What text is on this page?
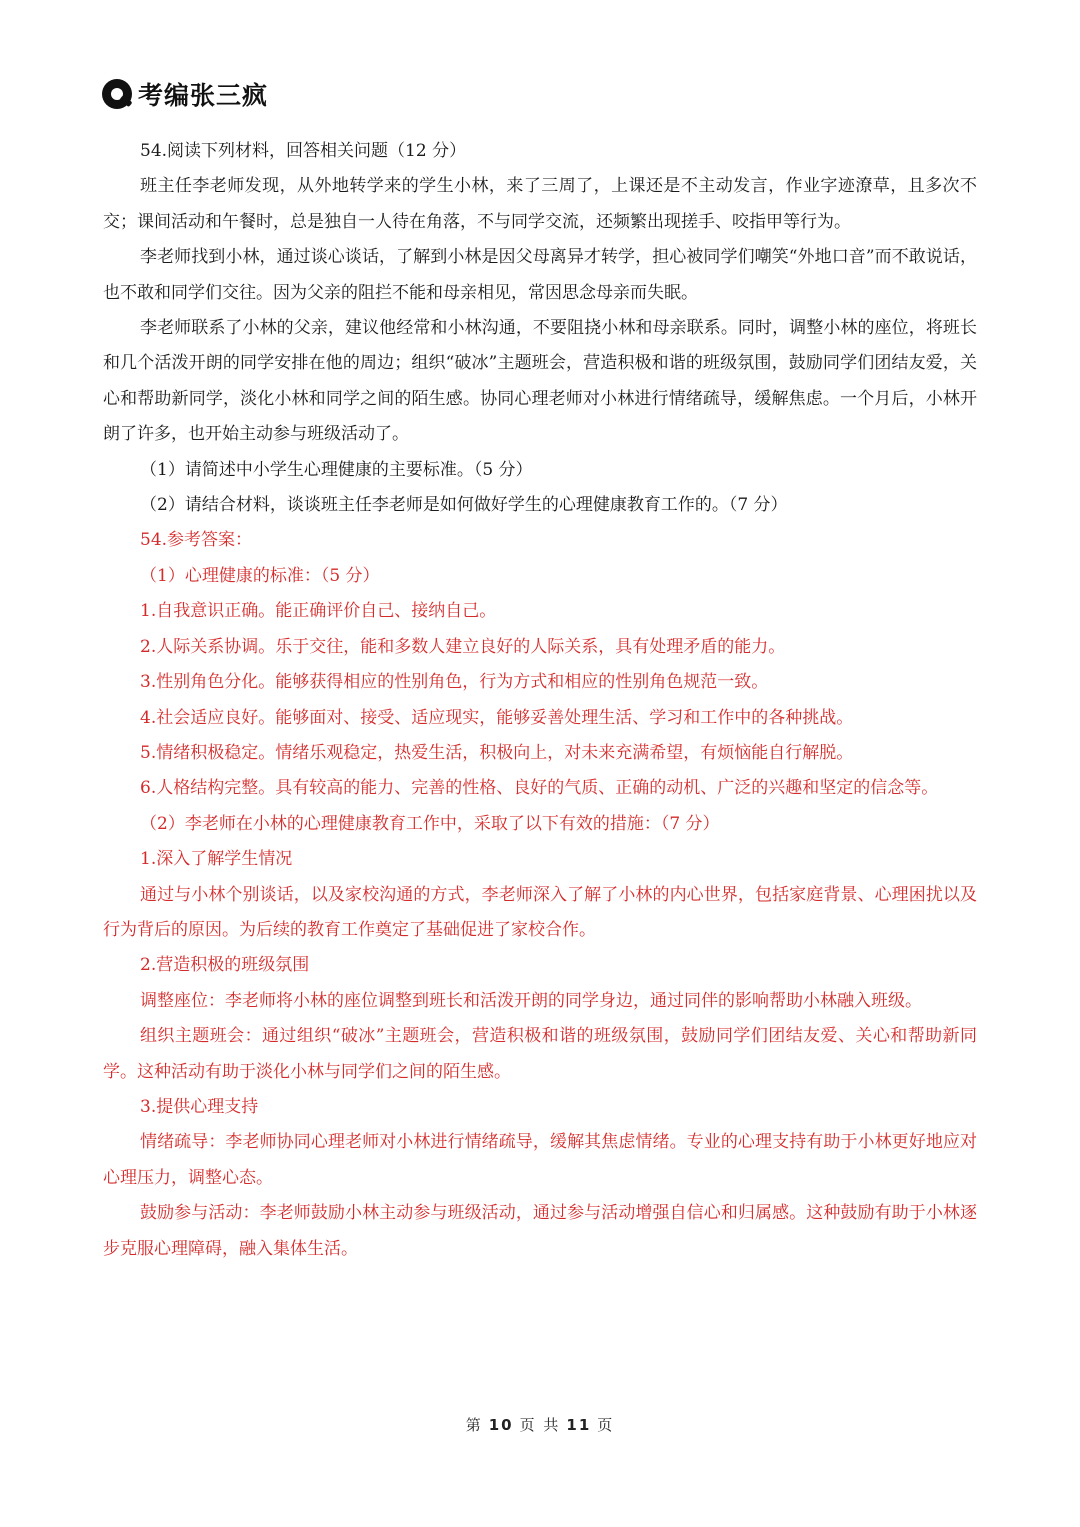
考编张三疯

54.阅读下列材料，回答相关问题（12 分）

班主任李老师发现，从外地转学来的学生小林，来了三周了，上课还是不主动发言，作业字迹潦草，且多次不交；课间活动和午餐时，总是独自一人待在角落，不与同学交流，还频繁出现搓手、咬指甲等行为。

李老师找到小林，通过谈心谈话，了解到小林是因父母离异才转学，担心被同学们嘲笑“外地口音”而不敢说话，也不敢和同学们交往。因为父亲的阻拦不能和母亲相见，常因思念母亲而失眠。

李老师联系了小林的父亲，建议他经常和小林沟通，不要阻挠小林和母亲联系。同时，调整小林的座位，将班长和几个活泼开朗的同学安排在他的周边；组织“破冰”主题班会，营造积极和谐的班级氛围，鼓励同学们团结友爱，关心和帮助新同学，淡化小林和同学之间的陌生感。协同心理老师对小林进行情绪疏导，缓解焦虑。一个月后，小林开朗了许多，也开始主动参与班级活动了。

（1）请简述中小学生心理健康的主要标准。（5 分）

（2）请结合材料，谈谈班主任李老师是如何做好学生的心理健康教育工作的。（7 分）

54.参考答案：

（1）心理健康的标准：（5 分）

1.自我意识正确。能正确评价自己、接纳自己。

2.人际关系协调。乐于交往，能和多数人建立良好的人际关系，具有处理矛盾的能力。

3.性别角色分化。能够获得相应的性别角色，行为方式和相应的性别角色规范一致。

4.社会适应良好。能够面对、接受、适应现实，能够妥善处理生活、学习和工作中的各种挑战。

5.情绪积极稳定。情绪乐观稳定，热爱生活，积极向上，对未来充满希望，有烦恼能自行解脱。

6.人格结构完整。具有较高的能力、完善的性格、良好的气质、正确的动机、广泛的兴趣和坚定的信念等。

（2）李老师在小林的心理健康教育工作中，采取了以下有效的措施：（7 分）

1.深入了解学生情况

通过与小林个别谈话，以及家校沟通的方式，李老师深入了解了小林的内心世界，包括家庭背景、心理困扰以及行为背后的原因。为后续的教育工作奠定了基础促进了家校合作。

2.营造积极的班级氛围

调整座位：李老师将小林的座位调整到班长和活泼开朗的同学身边，通过同伴的影响帮助小林融入班级。

组织主题班会：通过组织“破冰”主题班会，营造积极和谐的班级氛围，鼓励同学们团结友爱、关心和帮助新同学。这种活动有助于淡化小林与同学们之间的陌生感。

3.提供心理支持

情绪疏导：李老师协同心理老师对小林进行情绪疏导，缓解其焦虑情绪。专业的心理支持有助于小林更好地应对心理压力，调整心态。

鼓励参与活动：李老师鼓励小林主动参与班级活动，通过参与活动增强自信心和归属感。这种鼓励有助于小林逐步克服心理障碍，融入集体生活。

第 10 页 共 11 页
